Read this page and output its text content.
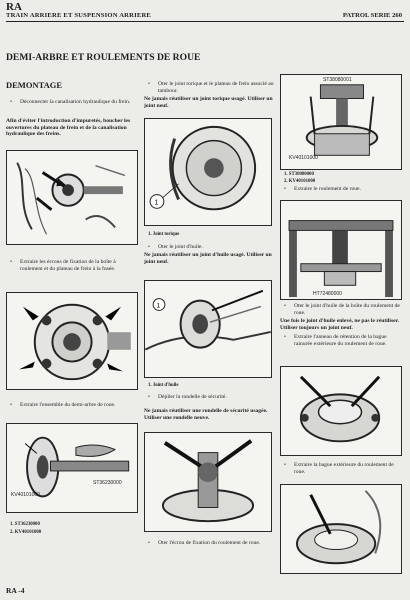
RA
TRAIN ARRIERE ET SUSPENSION ARRIERE	PATROL SERIE 260
DEMI-ARBRE ET ROULEMENTS DE ROUE
DEMONTAGE
• Déconnecter la canalisation hydraulique du frein.
Afin d'éviter l'introduction d'impuretés, boucher les ouvertures du plateau de frein et de la canalisation hydraulique des freins.
• Extraire les écrous de fixation de la boîte à roulement et du plateau de frein à la fusée.
• Extraire l'ensemble du demi-arbre de roue.
ST36230000
KV40101000
1. ST36230000
2. KV40101000
• Oter le joint torique et le plateau de frein associé au tambour.
Ne jamais réutiliser un joint torique usagé. Utiliser un joint neuf.
1
1. Joint torique
• Oter le joint d'huile.
Ne jamais réutiliser un joint d'huile usagé. Utiliser un joint neuf.
1
1. Joint d'huile
• Déplier la rondelle de sécurité.
Ne jamais réutiliser une rondelle de sécurité usagée. Utiliser une rondelle neuve.
• Oter l'écrou de fixation du roulement de roue.
ST38080001
KV40101000
1. ST38080000
2. KV40101000
• Extraire le roulement de roue.
HT72480000
• Oter le joint d'huile de la boîte du roulement de roue.
Une fois le joint d'huile enlevé, ne pas le réutiliser. Utiliser toujours un joint neuf.
• Extraire l'anneau de rétention de la bague rainurée extérieure du roulement de roue.
• Extraire la bague extérieure du roulement de roue.
RA -4
